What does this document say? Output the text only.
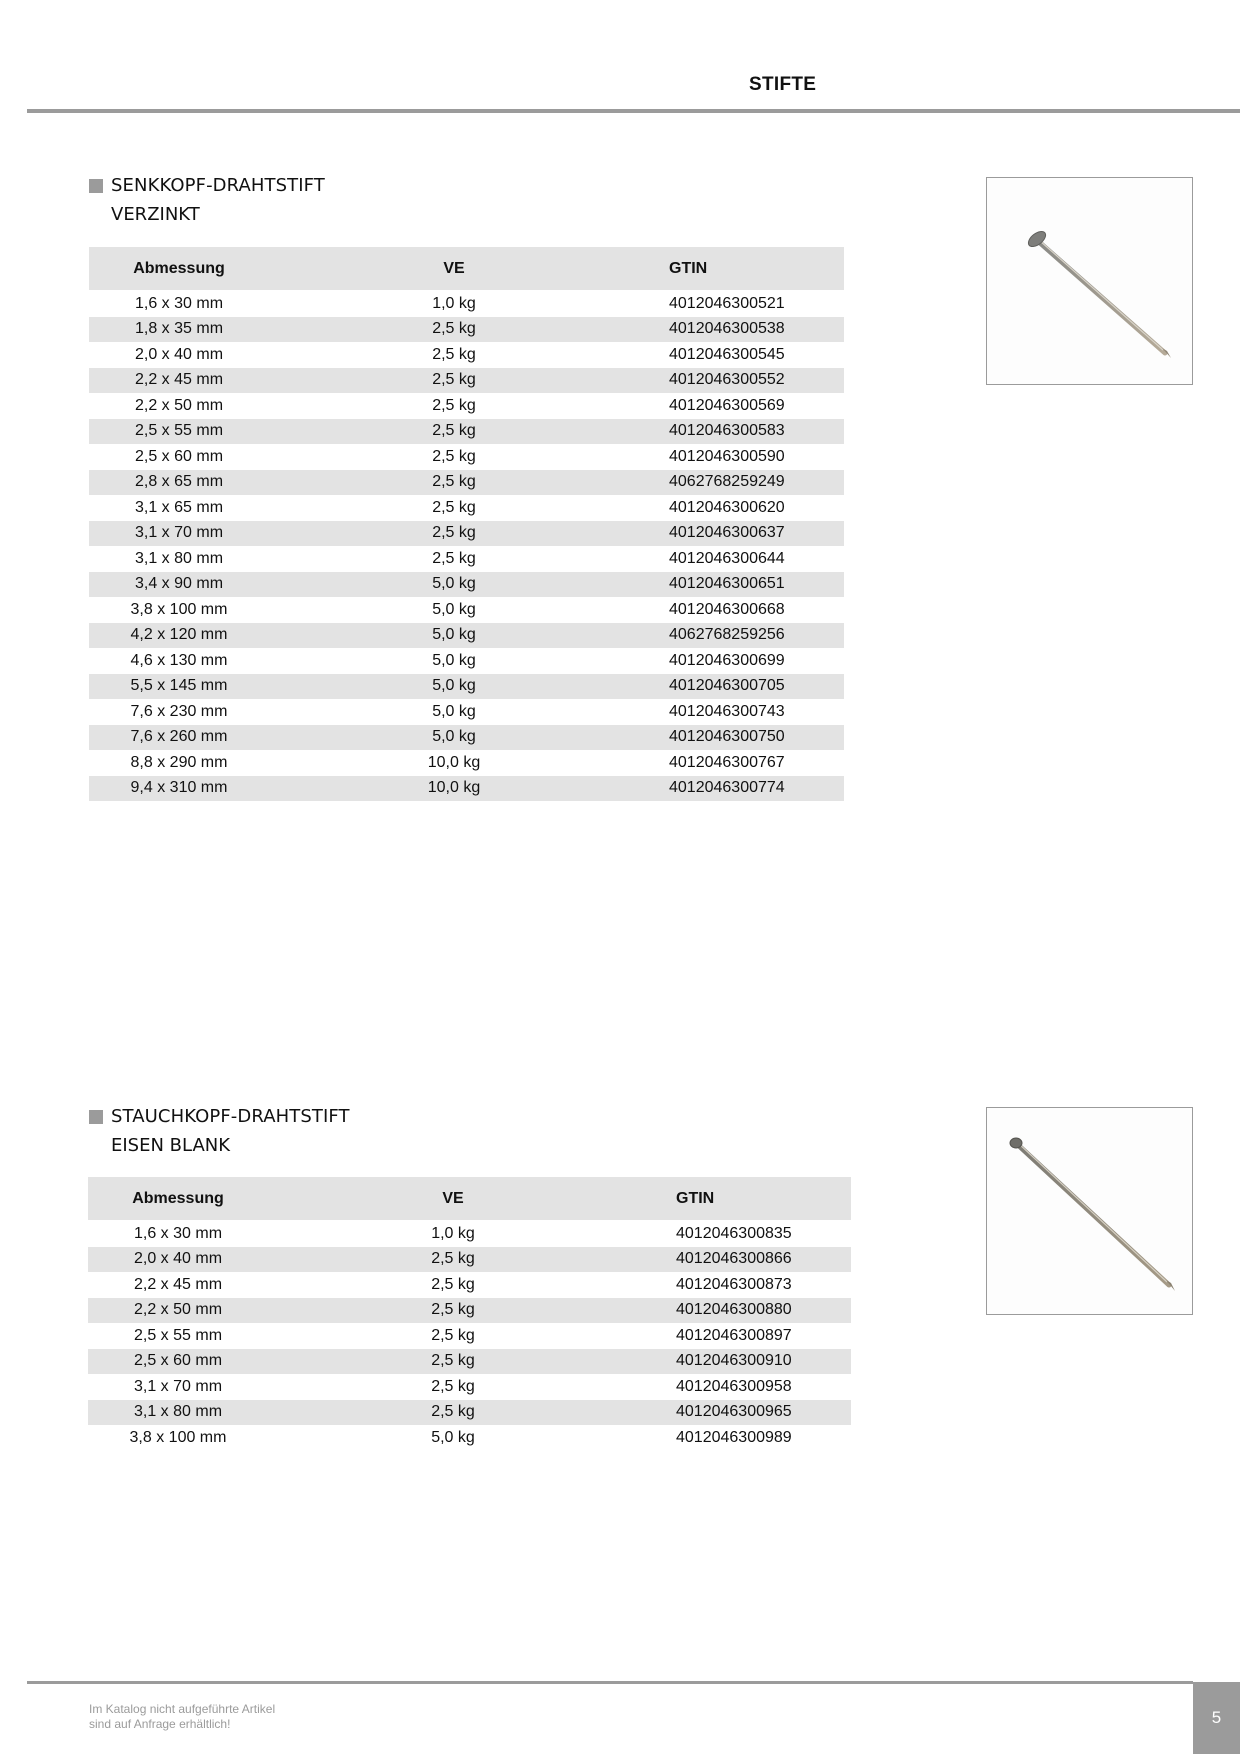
STIFTE
SENKKOPF-DRAHTSTIFT
VERZINKT
Abmessung	VE	GTIN
1,6 x 30 mm	1,0 kg	4012046300521
1,8 x 35 mm	2,5 kg	4012046300538
2,0 x 40 mm	2,5 kg	4012046300545
2,2 x 45 mm	2,5 kg	4012046300552
2,2 x 50 mm	2,5 kg	4012046300569
2,5 x 55 mm	2,5 kg	4012046300583
2,5 x 60 mm	2,5 kg	4012046300590
2,8 x 65 mm	2,5 kg	4062768259249
3,1 x 65 mm	2,5 kg	4012046300620
3,1 x 70 mm	2,5 kg	4012046300637
3,1 x 80 mm	2,5 kg	4012046300644
3,4 x 90 mm	5,0 kg	4012046300651
3,8 x 100 mm	5,0 kg	4012046300668
4,2 x 120 mm	5,0 kg	4062768259256
4,6 x 130 mm	5,0 kg	4012046300699
5,5 x 145 mm	5,0 kg	4012046300705
7,6 x 230 mm	5,0 kg	4012046300743
7,6 x 260 mm	5,0 kg	4012046300750
8,8 x 290 mm	10,0 kg	4012046300767
9,4 x 310 mm	10,0 kg	4012046300774
STAUCHKOPF-DRAHTSTIFT
EISEN BLANK
Abmessung	VE	GTIN
1,6 x 30 mm	1,0 kg	4012046300835
2,0 x 40 mm	2,5 kg	4012046300866
2,2 x 45 mm	2,5 kg	4012046300873
2,2 x 50 mm	2,5 kg	4012046300880
2,5 x 55 mm	2,5 kg	4012046300897
2,5 x 60 mm	2,5 kg	4012046300910
3,1 x 70 mm	2,5 kg	4012046300958
3,1 x 80 mm	2,5 kg	4012046300965
3,8 x 100 mm	5,0 kg	4012046300989
Im Katalog nicht aufgeführte Artikel
sind auf Anfrage erhältlich!	5
